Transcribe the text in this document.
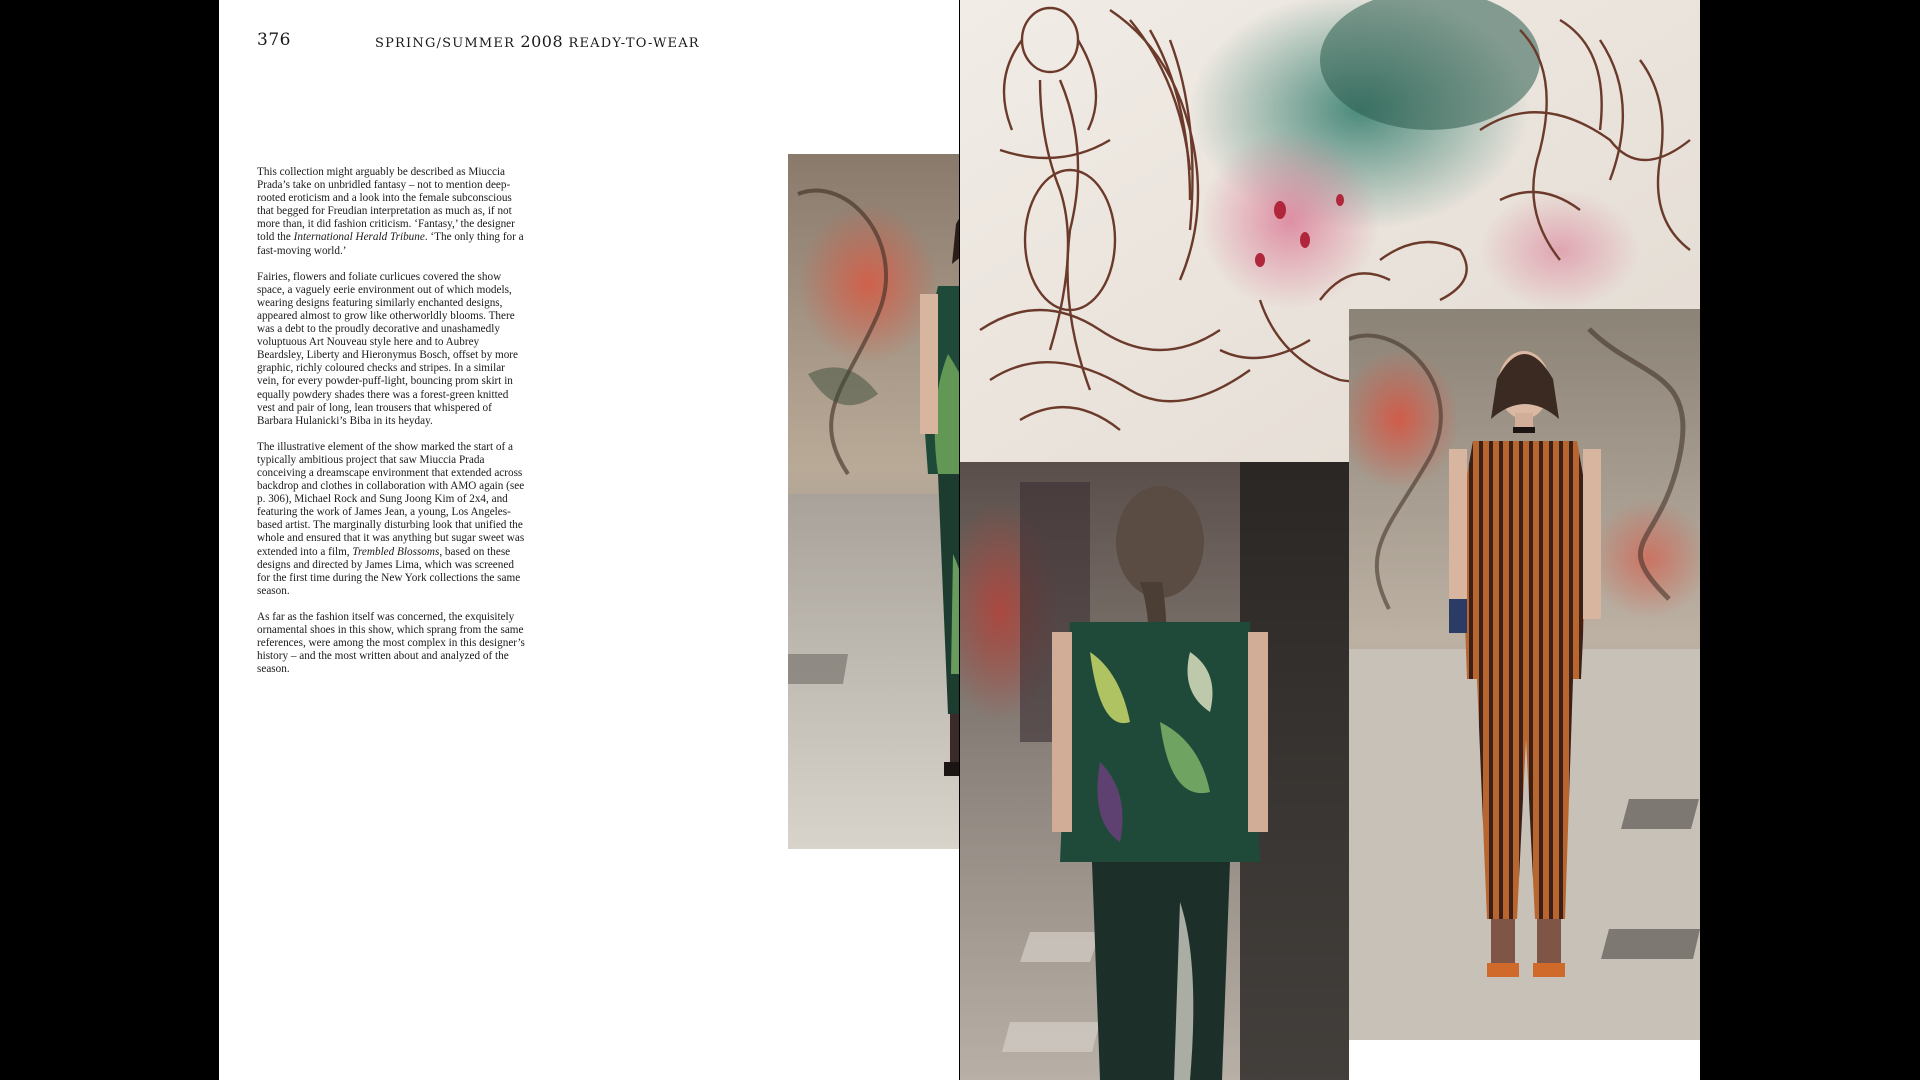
376	SPRING/SUMMER 2008 READY-TO-WEAR

This collection might arguably be described as Miuccia Prada’s take on unbridled fantasy – not to mention deep-rooted eroticism and a look into the female subconscious that begged for Freudian interpretation as much as, if not more than, it did fashion criticism. ‘Fantasy,’ the designer told the International Herald Tribune. ‘The only thing for a fast-moving world.’

Fairies, flowers and foliate curlicues covered the show space, a vaguely eerie environment out of which models, wearing designs featuring similarly enchanted designs, appeared almost to grow like otherworldly blooms. There was a debt to the proudly decorative and unashamedly voluptuous Art Nouveau style here and to Aubrey Beardsley, Liberty and Hieronymus Bosch, offset by more graphic, richly coloured checks and stripes. In a similar vein, for every powder-puff-light, bouncing prom skirt in equally powdery shades there was a forest-green knitted vest and pair of long, lean trousers that whispered of Barbara Hulanicki’s Biba in its heyday.

The illustrative element of the show marked the start of a typically ambitious project that saw Miuccia Prada conceiving a dreamscape environment that extended across backdrop and clothes in collaboration with AMO again (see p. 306), Michael Rock and Sung Joong Kim of 2x4, and featuring the work of James Jean, a young, Los Angeles-based artist. The marginally disturbing look that unified the whole and ensured that it was anything but sugar sweet was extended into a film, Trembled Blossoms, based on these designs and directed by James Lima, which was screened for the first time during the New York collections the same season.

As far as the fashion itself was concerned, the exquisitely ornamental shoes in this show, which sprang from the same references, were among the most complex in this designer’s history – and the most written about and analyzed of the season.
